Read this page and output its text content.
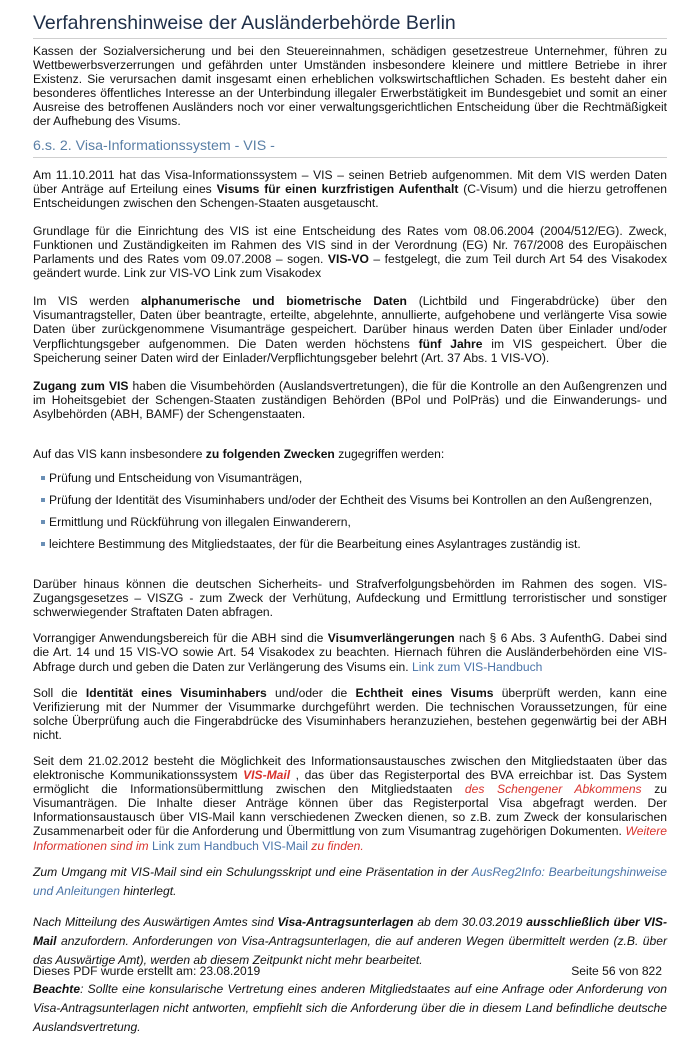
Verfahrenshinweise der Ausländerbehörde Berlin

Kassen der Sozialversicherung und bei den Steuereinnahmen, schädigen gesetzestreue Unternehmer, führen zu Wettbewerbsverzerrungen und gefährden unter Umständen insbesondere kleinere und mittlere Betriebe in ihrer Existenz. Sie verursachen damit insgesamt einen erheblichen volkswirtschaftlichen Schaden. Es besteht daher ein besonderes öffentliches Interesse an der Unterbindung illegaler Erwerbstätigkeit im Bundesgebiet und somit an einer Ausreise des betroffenen Ausländers noch vor einer verwaltungsgerichtlichen Entscheidung über die Rechtmäßigkeit der Aufhebung des Visums.

6.s. 2. Visa-Informationssystem - VIS -

Am 11.10.2011 hat das Visa-Informationssystem – VIS – seinen Betrieb aufgenommen. Mit dem VIS werden Daten über Anträge auf Erteilung eines Visums für einen kurzfristigen Aufenthalt (C-Visum) und die hierzu getroffenen Entscheidungen zwischen den Schengen-Staaten ausgetauscht.

Grundlage für die Einrichtung des VIS ist eine Entscheidung des Rates vom 08.06.2004 (2004/512/EG). Zweck, Funktionen und Zuständigkeiten im Rahmen des VIS sind in der Verordnung (EG) Nr. 767/2008 des Europäischen Parlaments und des Rates vom 09.07.2008 – sogen. VIS-VO – festgelegt, die zum Teil durch Art 54 des Visakodex geändert wurde. Link zur VIS-VO Link zum Visakodex

Im VIS werden alphanumerische und biometrische Daten (Lichtbild und Fingerabdrücke) über den Visumantragsteller, Daten über beantragte, erteilte, abgelehnte, annullierte, aufgehobene und verlängerte Visa sowie Daten über zurückgenommene Visumanträge gespeichert. Darüber hinaus werden Daten über Einlader und/oder Verpflichtungsgeber aufgenommen. Die Daten werden höchstens fünf Jahre im VIS gespeichert. Über die Speicherung seiner Daten wird der Einlader/Verpflichtungsgeber belehrt (Art. 37 Abs. 1 VIS-VO).

Zugang zum VIS haben die Visumbehörden (Auslandsvertretungen), die für die Kontrolle an den Außengrenzen und im Hoheitsgebiet der Schengen-Staaten zuständigen Behörden (BPol und PolPräs) und die Einwanderungs- und Asylbehörden (ABH, BAMF) der Schengenstaaten.

Auf das VIS kann insbesondere zu folgenden Zwecken zugegriffen werden:

Prüfung und Entscheidung von Visumanträgen,
Prüfung der Identität des Visuminhabers und/oder der Echtheit des Visums bei Kontrollen an den Außengrenzen,
Ermittlung und Rückführung von illegalen Einwanderern,
leichtere Bestimmung des Mitgliedstaates, der für die Bearbeitung eines Asylantrages zuständig ist.

Darüber hinaus können die deutschen Sicherheits- und Strafverfolgungsbehörden im Rahmen des sogen. VIS-Zugangsgesetzes – VISZG - zum Zweck der Verhütung, Aufdeckung und Ermittlung terroristischer und sonstiger schwerwiegender Straftaten Daten abfragen.

Vorrangiger Anwendungsbereich für die ABH sind die Visumverlängerungen nach § 6 Abs. 3 AufenthG. Dabei sind die Art. 14 und 15 VIS-VO sowie Art. 54 Visakodex zu beachten. Hiernach führen die Ausländerbehörden eine VIS-Abfrage durch und geben die Daten zur Verlängerung des Visums ein. Link zum VIS-Handbuch

Soll die Identität eines Visuminhabers und/oder die Echtheit eines Visums überprüft werden, kann eine Verifizierung mit der Nummer der Visummarke durchgeführt werden. Die technischen Voraussetzungen, für eine solche Überprüfung auch die Fingerabdrücke des Visuminhabers heranzuziehen, bestehen gegenwärtig bei der ABH nicht.

Seit dem 21.02.2012 besteht die Möglichkeit des Informationsaustausches zwischen den Mitgliedstaaten über das elektronische Kommunikationssystem VIS-Mail , das über das Registerportal des BVA erreichbar ist. Das System ermöglicht die Informationsübermittlung zwischen den Mitgliedstaaten des Schengener Abkommens zu Visumanträgen. Die Inhalte dieser Anträge können über das Registerportal Visa abgefragt werden. Der Informationsaustausch über VIS-Mail kann verschiedenen Zwecken dienen, so z.B. zum Zweck der konsularischen Zusammenarbeit oder für die Anforderung und Übermittlung von zum Visumantrag zugehörigen Dokumenten. Weitere Informationen sind im Link zum Handbuch VIS-Mail zu finden.

Zum Umgang mit VIS-Mail sind ein Schulungsskript und eine Präsentation in der AusReg2Info: Bearbeitungshinweise und Anleitungen hinterlegt.

Nach Mitteilung des Auswärtigen Amtes sind Visa-Antragsunterlagen ab dem 30.03.2019 ausschließlich über VIS-Mail anzufordern. Anforderungen von Visa-Antragsunterlagen, die auf anderen Wegen übermittelt werden (z.B. über das Auswärtige Amt), werden ab diesem Zeitpunkt nicht mehr bearbeitet.

Beachte: Sollte eine konsularische Vertretung eines anderen Mitgliedstaates auf eine Anfrage oder Anforderung von Visa-Antragsunterlagen nicht antworten, empfiehlt sich die Anforderung über die in diesem Land befindliche deutsche Auslandsvertretung.

Dieses PDF wurde erstellt am: 23.08.2019	Seite 56 von 822
